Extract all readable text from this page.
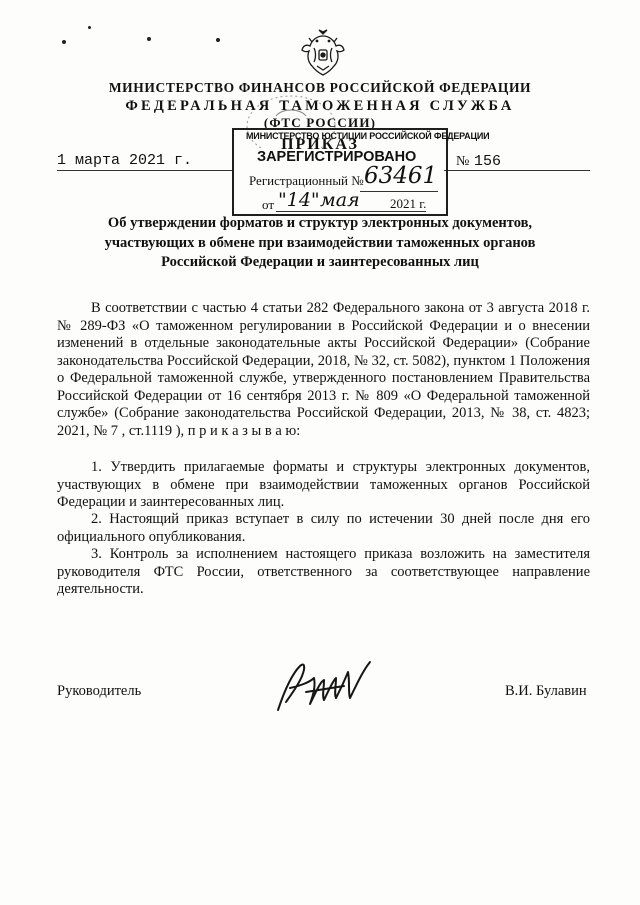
МИНИСТЕРСТВО ФИНАНСОВ РОССИЙСКОЙ ФЕДЕРАЦИИ
ФЕДЕРАЛЬНАЯ ТАМОЖЕННАЯ СЛУЖБА
(ФТС РОССИИ)
ПРИКАЗ
1 марта 2021 г.	№ 156
МИНИСТЕРСТВО ЮСТИЦИИ РОССИЙСКОЙ ФЕДЕРАЦИИ
ЗАРЕГИСТРИРОВАНО
Регистрационный № 63461
от "14" мая 2021 г.
Об утверждении форматов и структур электронных документов,
участвующих в обмене при взаимодействии таможенных органов
Российской Федерации и заинтересованных лиц

В соответствии с частью 4 статьи 282 Федерального закона от 3 августа 2018 г. № 289-ФЗ «О таможенном регулировании в Российской Федерации и о внесении изменений в отдельные законодательные акты Российской Федерации» (Собрание законодательства Российской Федерации, 2018, № 32, ст. 5082), пунктом 1 Положения о Федеральной таможенной службе, утвержденного постановлением Правительства Российской Федерации от 16 сентября 2013 г. № 809 «О Федеральной таможенной службе» (Собрание законодательства Российской Федерации, 2013, № 38, ст. 4823; 2021, № 7 , ст.1119 ), п р и к а з ы в а ю:

1. Утвердить прилагаемые форматы и структуры электронных документов, участвующих в обмене при взаимодействии таможенных органов Российской Федерации и заинтересованных лиц.

2. Настоящий приказ вступает в силу по истечении 30 дней после дня его официального опубликования.

3. Контроль за исполнением настоящего приказа возложить на заместителя руководителя ФТС России, ответственного за соответствующее направление деятельности.

Руководитель	В.И. Булавин
